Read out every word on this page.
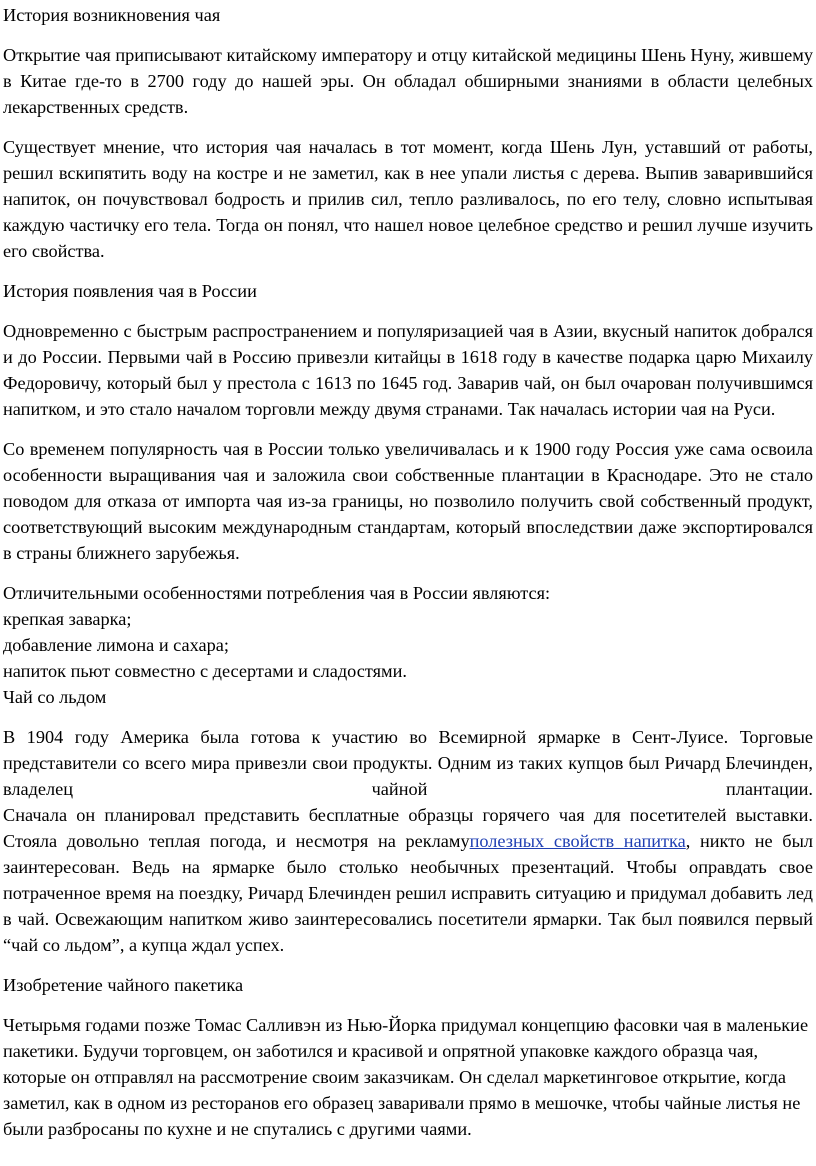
История возникновения чая

Открытие чая приписывают китайскому императору и отцу китайской медицины Шень Нуну, жившему в Китае где-то в 2700 году до нашей эры. Он обладал обширными знаниями в области целебных лекарственных средств.

Существует мнение, что история чая началась в тот момент, когда Шень Лун, уставший от работы, решил вскипятить воду на костре и не заметил, как в нее упали листья с дерева. Выпив заварившийся напиток, он почувствовал бодрость и прилив сил, тепло разливалось, по его телу, словно испытывая каждую частичку его тела. Тогда он понял, что нашел новое целебное средство и решил лучше изучить его свойства.

История появления чая в России

Одновременно с быстрым распространением и популяризацией чая в Азии, вкусный напиток добрался и до России. Первыми чай в Россию привезли китайцы в 1618 году в качестве подарка царю Михаилу Федоровичу, который был у престола с 1613 по 1645 год. Заварив чай, он был очарован получившимся напитком, и это стало началом торговли между двумя странами. Так началась истории чая на Руси.

Со временем популярность чая в России только увеличивалась и к 1900 году Россия уже сама освоила особенности выращивания чая и заложила свои собственные плантации в Краснодаре. Это не стало поводом для отказа от импорта чая из-за границы, но позволило получить свой собственный продукт, соответствующий высоким международным стандартам, который впоследствии даже экспортировался в страны ближнего зарубежья.

Отличительными особенностями потребления чая в России являются:

крепкая заварка;

добавление лимона и сахара;

напиток пьют совместно с десертами и сладостями.

Чай со льдом

В 1904 году Америка была готова к участию во Всемирной ярмарке в Сент-Луисе. Торговые представители со всего мира привезли свои продукты. Одним из таких купцов был Ричард Блечинден, владелец чайной плантации.

Сначала он планировал представить бесплатные образцы горячего чая для посетителей выставки. Стояла довольно теплая погода, и несмотря на рекламуполезных свойств напитка, никто не был заинтересован. Ведь на ярмарке было столько необычных презентаций. Чтобы оправдать свое потраченное время на поездку, Ричард Блечинден решил исправить ситуацию и придумал добавить лед в чай. Освежающим напитком живо заинтересовались посетители ярмарки. Так был появился первый “чай со льдом”, а купца ждал успех.

Изобретение чайного пакетика

Четырьмя годами позже Томас Салливэн из Нью-Йорка придумал концепцию фасовки чая в маленькие пакетики. Будучи торговцем, он заботился и красивой и опрятной упаковке каждого образца чая, которые он отправлял на рассмотрение своим заказчикам. Он сделал маркетинговое открытие, когда заметил, как в одном из ресторанов его образец заваривали прямо в мешочке, чтобы чайные листья не были разбросаны по кухне и не спутались с другими чаями.
